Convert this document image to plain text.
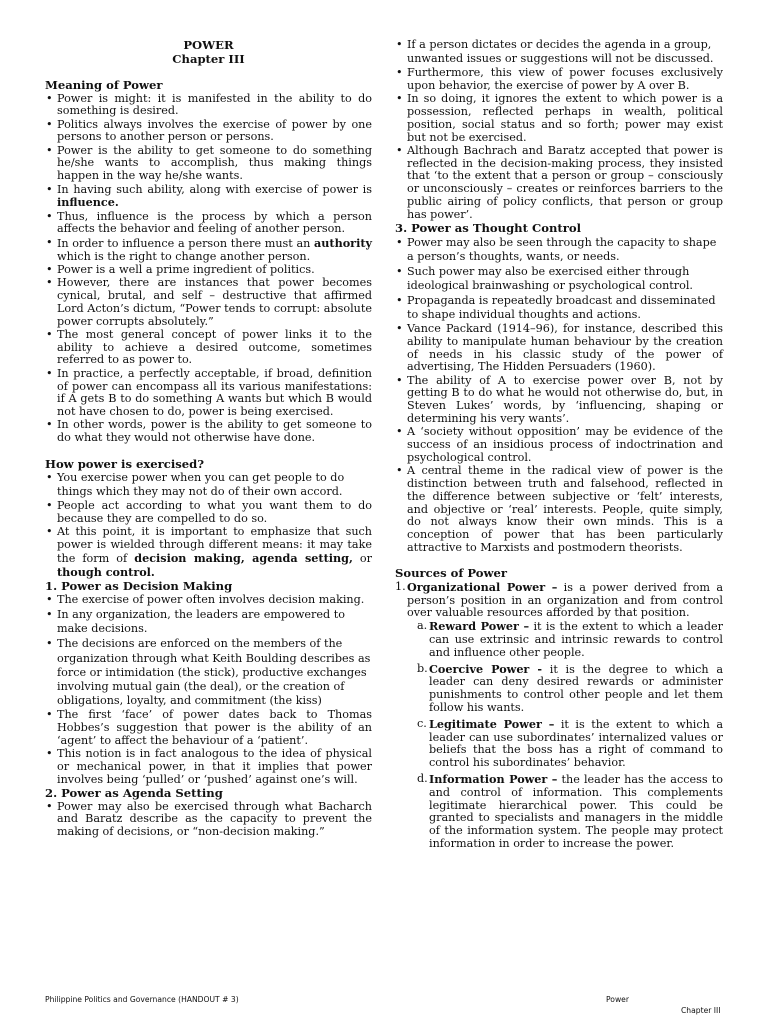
POWER
Chapter III
Meaning of Power
• Power is might: it is manifested in the ability to do something is desired.
• Politics always involves the exercise of power by one persons to another person or persons.
• Power is the ability to get someone to do something he/she wants to accomplish, thus making things happen in the way he/she wants.
• In having such ability, along with exercise of power is influence.
• Thus, influence is the process by which a person affects the behavior and feeling of another person.
• In order to influence a person there must an authority which is the right to change another person.
• Power is a well a prime ingredient of politics.
• However, there are instances that power becomes cynical, brutal, and self – destructive that affirmed Lord Acton’s dictum, “Power tends to corrupt: absolute power corrupts absolutely.”
• The most general concept of power links it to the ability to achieve a desired outcome, sometimes referred to as power to.
• In practice, a perfectly acceptable, if broad, definition of power can encompass all its various manifestations: if A gets B to do something A wants but which B would not have chosen to do, power is being exercised.
• In other words, power is the ability to get someone to do what they would not otherwise have done.
How power is exercised?
• You exercise power when you can get people to do things which they may not do of their own accord.
• People act according to what you want them to do because they are compelled to do so.
• At this point, it is important to emphasize that such power is wielded through different means: it may take the form of decision making, agenda setting, or though control.
1. Power as Decision Making
• The exercise of power often involves decision making.
• In any organization, the leaders are empowered to make decisions.
• The decisions are enforced on the members of the organization through what Keith Boulding describes as force or intimidation (the stick), productive exchanges involving mutual gain (the deal), or the creation of obligations, loyalty, and commitment (the kiss)
• The first ‘face’ of power dates back to Thomas Hobbes’s suggestion that power is the ability of an ‘agent’ to affect the behaviour of a ‘patient’.
• This notion is in fact analogous to the idea of physical or mechanical power, in that it implies that power involves being ‘pulled’ or ‘pushed’ against one’s will.
2. Power as Agenda Setting
• Power may also be exercised through what Bacharch and Baratz describe as the capacity to prevent the making of decisions, or “non-decision making.”
• If a person dictates or decides the agenda in a group, unwanted issues or suggestions will not be discussed.
• Furthermore, this view of power focuses exclusively upon behavior, the exercise of power by A over B.
• In so doing, it ignores the extent to which power is a possession, reflected perhaps in wealth, political position, social status and so forth; power may exist but not be exercised.
• Although Bachrach and Baratz accepted that power is reflected in the decision-making process, they insisted that ‘to the extent that a person or group – consciously or unconsciously – creates or reinforces barriers to the public airing of policy conflicts, that person or group has power’.
3. Power as Thought Control
• Power may also be seen through the capacity to shape a person’s thoughts, wants, or needs.
• Such power may also be exercised either through ideological brainwashing or psychological control.
• Propaganda is repeatedly broadcast and disseminated to shape individual thoughts and actions.
• Vance Packard (1914–96), for instance, described this ability to manipulate human behaviour by the creation of needs in his classic study of the power of advertising, The Hidden Persuaders (1960).
• The ability of A to exercise power over B, not by getting B to do what he would not otherwise do, but, in Steven Lukes’ words, by ‘influencing, shaping or determining his very wants’.
• A ‘society without opposition’ may be evidence of the success of an insidious process of indoctrination and psychological control.
• A central theme in the radical view of power is the distinction between truth and falsehood, reflected in the difference between subjective or ‘felt’ interests, and objective or ‘real’ interests. People, quite simply, do not always know their own minds. This is a conception of power that has been particularly attractive to Marxists and postmodern theorists.
Sources of Power
1. Organizational Power – is a power derived from a person’s position in an organization and from control over valuable resources afforded by that position.
a. Reward Power – it is the extent to which a leader can use extrinsic and intrinsic rewards to control and influence other people.
b. Coercive Power - it is the degree to which a leader can deny desired rewards or administer punishments to control other people and let them follow his wants.
c. Legitimate Power – it is the extent to which a leader can use subordinates’ internalized values or beliefs that the boss has a right of command to control his subordinates’ behavior.
d. Information Power – the leader has the access to and control of information. This complements legitimate hierarchical power. This could be granted to specialists and managers in the middle of the information system. The people may protect information in order to increase the power.
Philippine Politics and Governance (HANDOUT # 3)	Power
Chapter III
